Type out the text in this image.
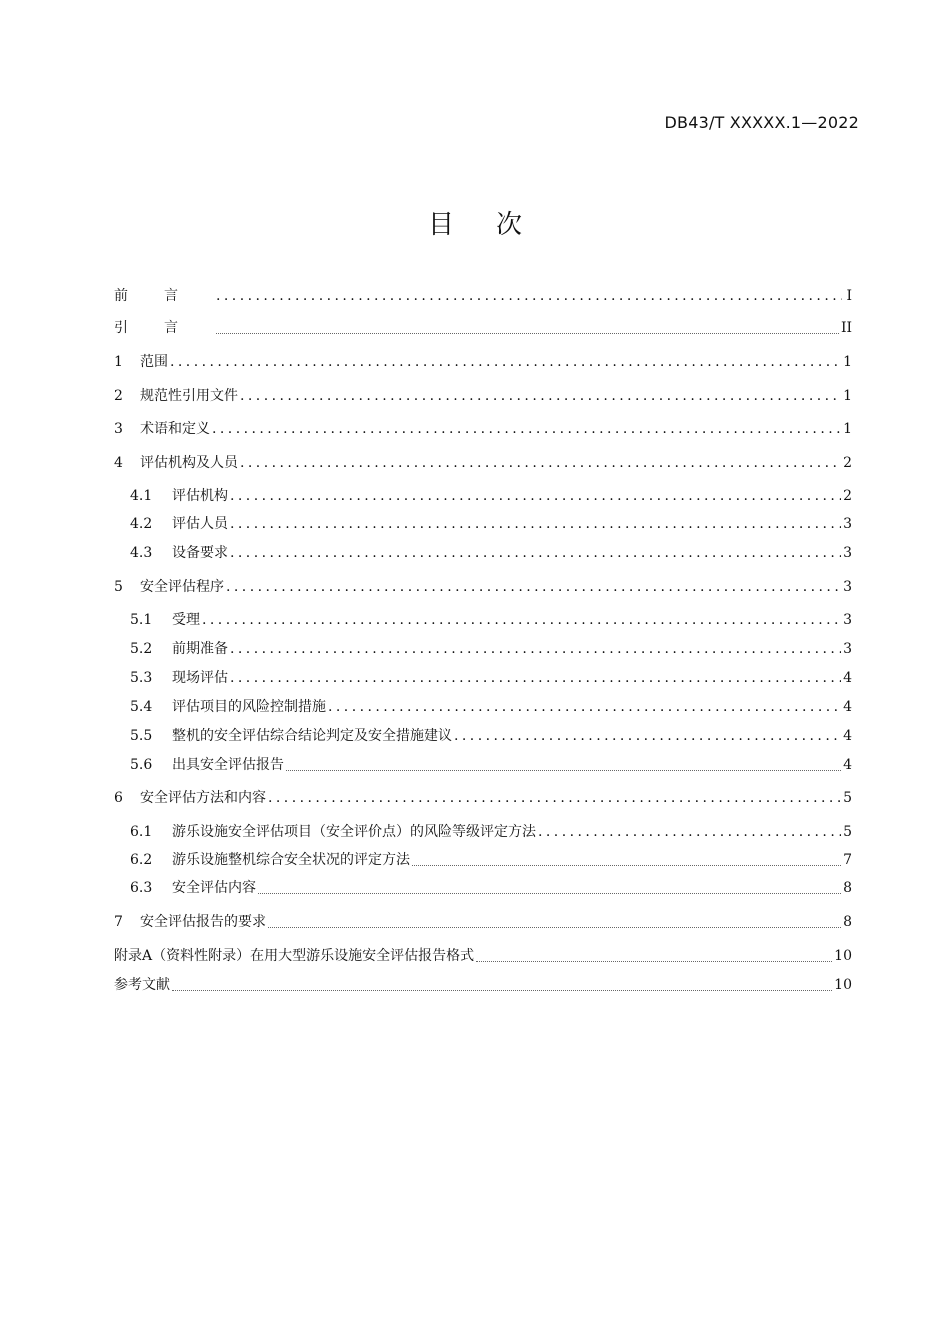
DB43/T XXXXX.1—2022
目次
前言 . . .	I
引言	II
1	范围 . . .	1
2	规范性引用文件 . . .	1
3	术语和定义 . . .	1
4	评估机构及人员 . . .	2
4.1	评估机构 . . .	2
4.2	评估人员 . . .	3
4.3	设备要求 . . .	3
5	安全评估程序 . . .	3
5.1	受理 . . .	3
5.2	前期准备 . . .	3
5.3	现场评估 . . .	4
5.4	评估项目的风险控制措施 . . .	4
5.5	整机的安全评估综合结论判定及安全措施建议 . . .	4
5.6	出具安全评估报告	4
6	安全评估方法和内容 . . .	5
6.1	游乐设施安全评估项目（安全评价点）的风险等级评定方法 . . .	5
6.2	游乐设施整机综合安全状况的评定方法	7
6.3	安全评估内容	8
7	安全评估报告的要求	8
附录A（资料性附录）在用大型游乐设施安全评估报告格式	10
参考文献	10
